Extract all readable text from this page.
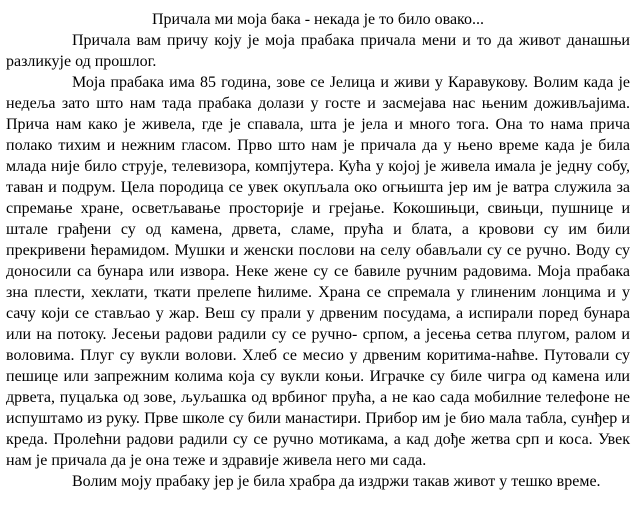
Причала ми моја бака - некада је то било овако...

Причала вам причу коју је моја прабака причала мени и то да живот данашњи разликује од прошлог.

Моја прабака има 85 година, зове се Јелица и живи у Каравукову. Волим када је недеља зато што нам тада прабака долази у госте и засмејава нас њеним доживљајима. Прича нам како је живела, где је спавала, шта је јела и много тога. Она то нама прича полако тихим и нежним гласом. Прво што нам је причала да у њено време када је била млада није било струје, телевизора, компјутера. Кућа у којој је живела имала је једну собу, таван и подрум. Цела породица се увек окупљала око огњишта јер им је ватра служила за спремање хране, осветљавање просторије и грејање. Кокошињци, свињци, пушнице и штале грађени су од камена, дрвета, сламе, прућа и блата, а кровови су им били прекривени ћерамидом. Мушки и женски послови на селу обављали су се ручно. Воду су доносили са бунара или извора. Неке жене су се бавиле ручним радовима. Моја прабака зна плести, хеклати, ткати прелепе ћилиме. Храна се спремала у глиненим лонцима и у сачу који се стављао у жар. Веш су прали у дрвеним посудама, а испирали поред бунара или на потоку. Јесењи радови радили су се ручно- српом, а јесења сетва плугом, ралом и воловима. Плуг су вукли волови. Хлеб се месио у дрвеним коритима-наћве. Путовали су пешице или запрежним колима која су вукли коњи. Играчке су биле чигра од камена или дрвета, пуцаљка од зове, љуљашка од врбиног прућа, а не као сада мобилние телефоне не испуштамо из руку. Прве школе су били манастири. Прибор им је био мала табла, сунђер и креда. Пролећни радови радили су се ручно мотикама, а кад дође жетва срп и коса. Увек нам је причала да је она теже и здравије живела него ми сада.

Волим моју прабаку јер је била храбра да издржи такав живот у тешко време.
